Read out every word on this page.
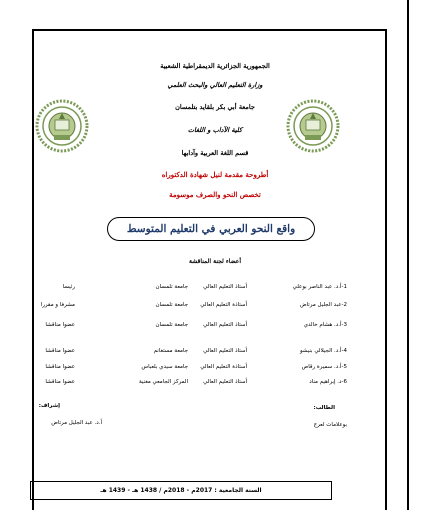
الجمهورية الجزائرية الديمقراطية الشعبية
وزارة التعليم العالي والبحث العلمي
جامعة أبي بكر بلقايد بتلمسان
كلية الآداب و اللغات
قسم اللغة العربية وآدابها
أطروحة مقدمة لنيل شهادة الدكتوراه
تخصص النحو والصرف موسومة
واقع النحو العربي في التعليم المتوسط
أعضاء لجنة المناقشة
1-أ.د. عبد الناصر بوعلي
أستاذ التعليم العالي
جامعة تلمسان
رئيسا
2-عبد الجليل مرتاض
أستاذة التعليم العالي
جامعة تلمسان
مشرفا و مقررا
3-أ.د. هشام خالدي
أستاذ التعليم العالي
جامعة تلمسان
عضوا مناقشا
4-أ.د. الجيلالي بنيشو
أستاذ التعليم العالي
جامعة مستغانم
عضوا مناقشا
5-أ.د. سميرة رقاص
أستاذة التعليم العالي
جامعة سيدي بلعباس
عضوا مناقشا
6-د. إبراهيم مناد
أستاذ التعليم العالي
المركز الجامعي مغنية
عضوا مناقشا
الطالب:
بوعلامات لعرج
إشراف:
أ.د. عبد الجليل مرتاض
السنة الجامعية : 2017م - 2018م / 1438 هـ - 1439 هـ
